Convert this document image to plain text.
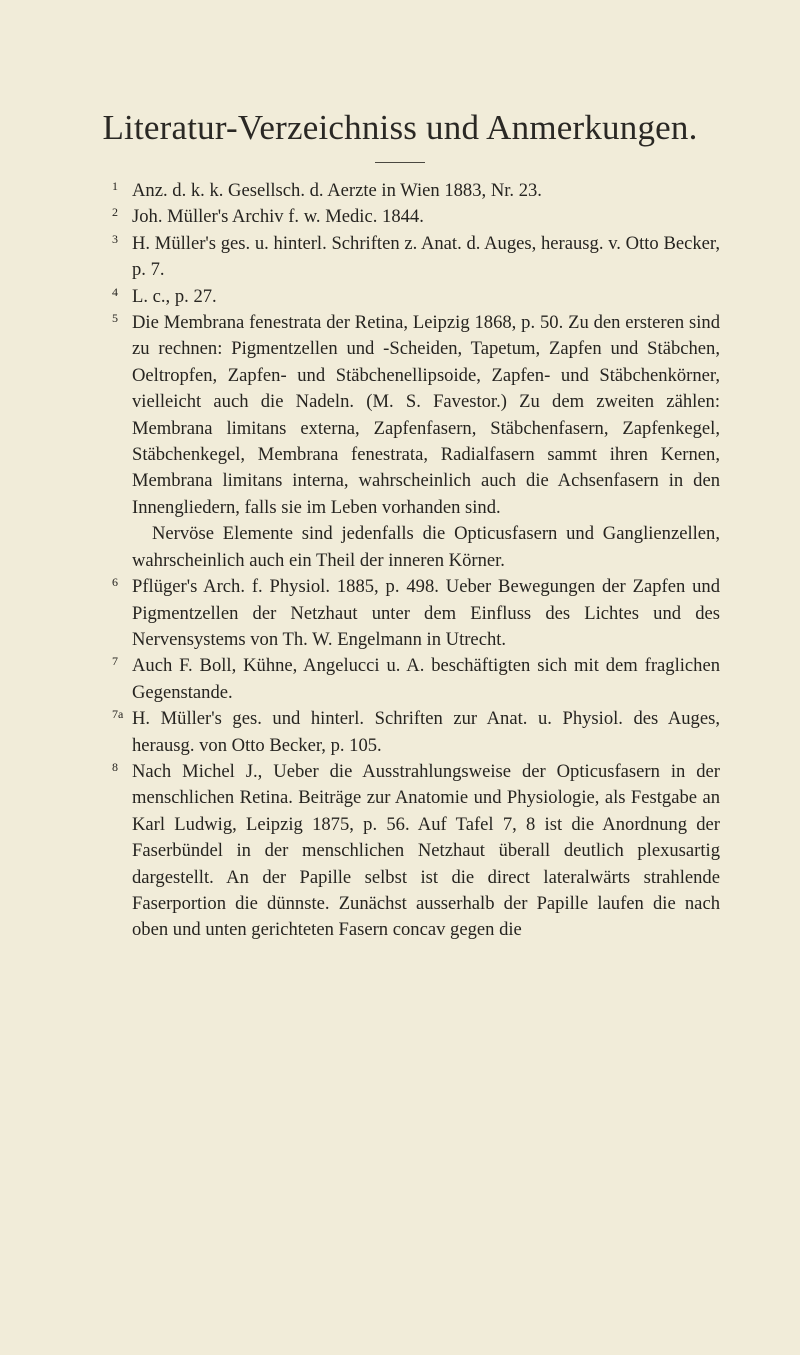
Literatur-Verzeichniss und Anmerkungen.

1 Anz. d. k. k. Gesellsch. d. Aerzte in Wien 1883, Nr. 23.

2 Joh. Müller's Archiv f. w. Medic. 1844.

3 H. Müller's ges. u. hinterl. Schriften z. Anat. d. Auges, herausg. v. Otto Becker, p. 7.

4 L. c., p. 27.

5 Die Membrana fenestrata der Retina, Leipzig 1868, p. 50. Zu den ersteren sind zu rechnen: Pigmentzellen und -Scheiden, Tapetum, Zapfen und Stäbchen, Oeltropfen, Zapfen- und Stäbchenellipsoide, Zapfen- und Stäbchenkörner, vielleicht auch die Nadeln. (M. S. Favestor.) Zu dem zweiten zählen: Membrana limitans externa, Zapfenfasern, Stäbchenfasern, Zapfenkegel, Stäbchenkegel, Membrana fenestrata, Radialfasern sammt ihren Kernen, Membrana limitans interna, wahrscheinlich auch die Achsenfasern in den Innengliedern, falls sie im Leben vorhanden sind.

Nervöse Elemente sind jedenfalls die Opticusfasern und Ganglienzellen, wahrscheinlich auch ein Theil der inneren Körner.

6 Pflüger's Arch. f. Physiol. 1885, p. 498. Ueber Bewegungen der Zapfen und Pigmentzellen der Netzhaut unter dem Einfluss des Lichtes und des Nervensystems von Th. W. Engelmann in Utrecht.

7 Auch F. Boll, Kühne, Angelucci u. A. beschäftigten sich mit dem fraglichen Gegenstande.

7a H. Müller's ges. und hinterl. Schriften zur Anat. u. Physiol. des Auges, herausg. von Otto Becker, p. 105.

8 Nach Michel J., Ueber die Ausstrahlungsweise der Opticusfasern in der menschlichen Retina. Beiträge zur Anatomie und Physiologie, als Festgabe an Karl Ludwig, Leipzig 1875, p. 56. Auf Tafel 7, 8 ist die Anordnung der Faserbündel in der menschlichen Netzhaut überall deutlich plexusartig dargestellt. An der Papille selbst ist die direct lateralwärts strahlende Faserportion die dünnste. Zunächst ausserhalb der Papille laufen die nach oben und unten gerichteten Fasern concav gegen die
